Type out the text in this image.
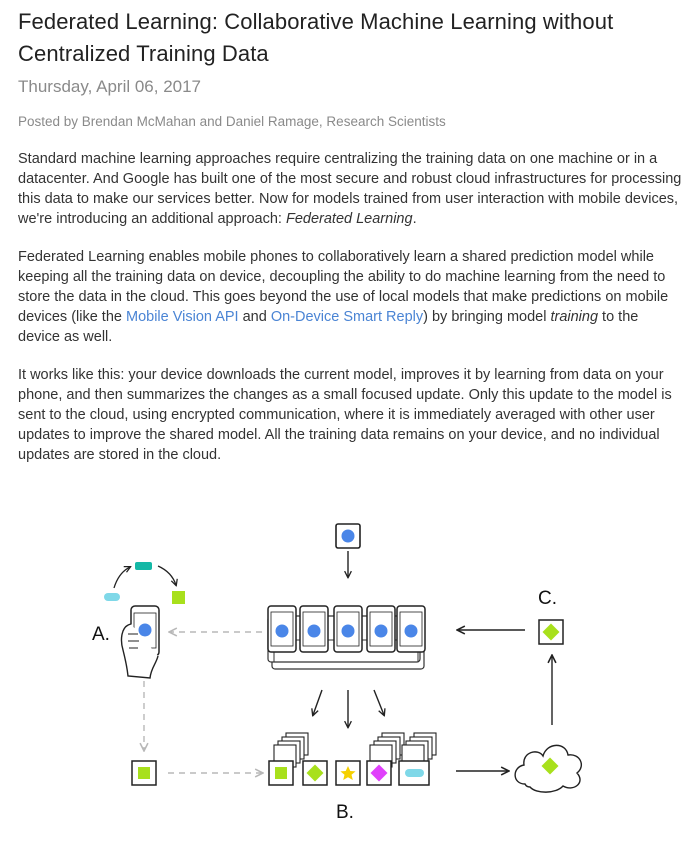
Federated Learning: Collaborative Machine Learning without Centralized Training Data
Thursday, April 06, 2017
Posted by Brendan McMahan and Daniel Ramage, Research Scientists

Standard machine learning approaches require centralizing the training data on one machine or in a datacenter. And Google has built one of the most secure and robust cloud infrastructures for processing this data to make our services better. Now for models trained from user interaction with mobile devices, we're introducing an additional approach: Federated Learning.

Federated Learning enables mobile phones to collaboratively learn a shared prediction model while keeping all the training data on device, decoupling the ability to do machine learning from the need to store the data in the cloud. This goes beyond the use of local models that make predictions on mobile devices (like the Mobile Vision API and On-Device Smart Reply) by bringing model training to the device as well.

It works like this: your device downloads the current model, improves it by learning from data on your phone, and then summarizes the changes as a small focused update. Only this update to the model is sent to the cloud, using encrypted communication, where it is immediately averaged with other user updates to improve the shared model. All the training data remains on your device, and no individual updates are stored in the cloud.

B.
C.
A.
